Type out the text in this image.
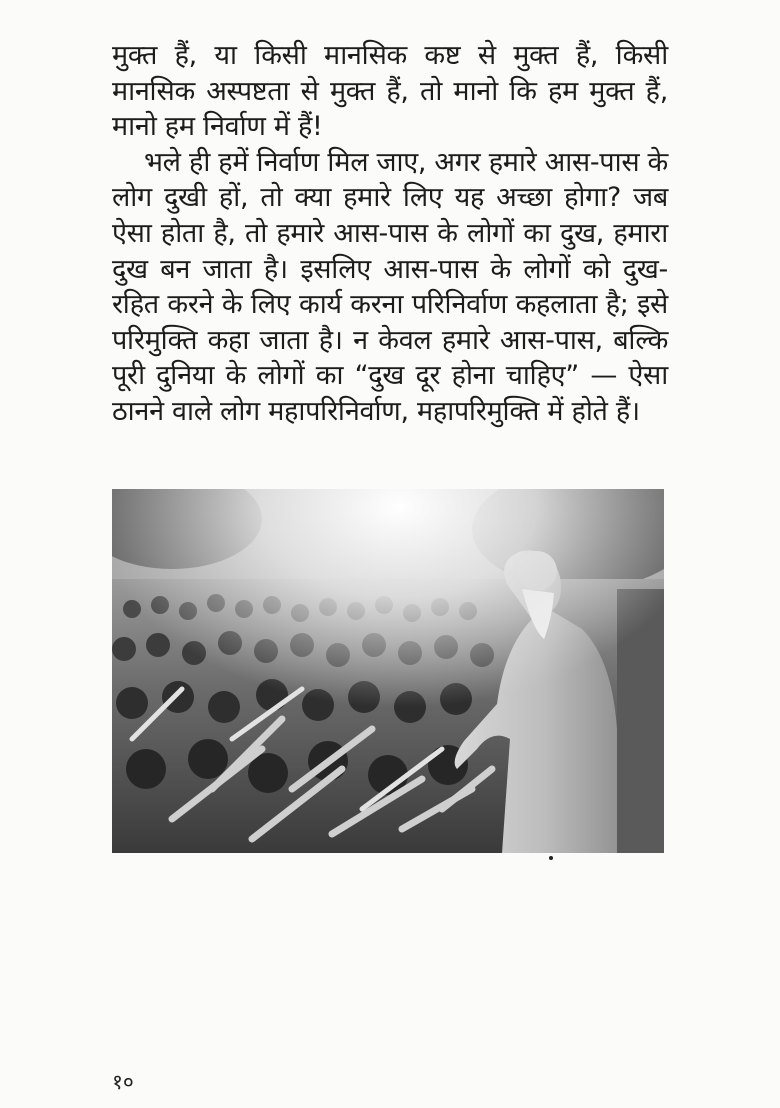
मुक्त हैं, या किसी मानसिक कष्ट से मुक्त हैं, किसी मानसिक अस्पष्टता से मुक्त हैं, तो मानो कि हम मुक्त हैं, मानो हम निर्वाण में हैं!

भले ही हमें निर्वाण मिल जाए, अगर हमारे आस-पास के लोग दुखी हों, तो क्या हमारे लिए यह अच्छा होगा? जब ऐसा होता है, तो हमारे आस-पास के लोगों का दुख, हमारा दुख बन जाता है। इसलिए आस-पास के लोगों को दुख-रहित करने के लिए कार्य करना परिनिर्वाण कहलाता है; इसे परिमुक्ति कहा जाता है। न केवल हमारे आस-पास, बल्कि पूरी दुनिया के लोगों का “दुख दूर होना चाहिए” — ऐसा ठानने वाले लोग महापरिनिर्वाण, महापरिमुक्ति में होते हैं।

१०
